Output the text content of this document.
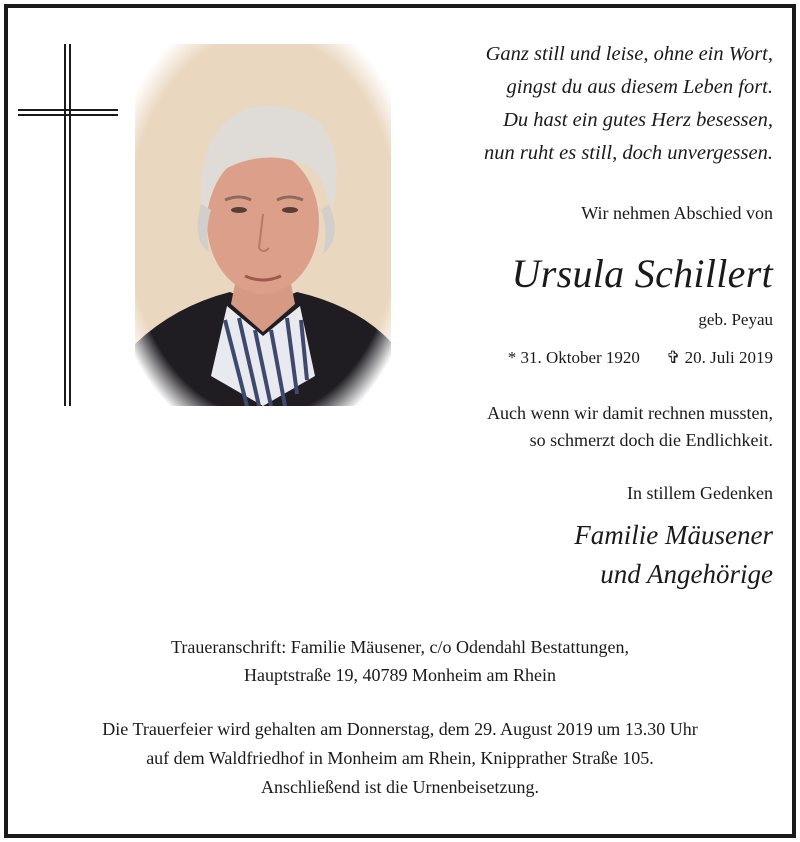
Ganz still und leise, ohne ein Wort,
gingst du aus diesem Leben fort.
Du hast ein gutes Herz besessen,
nun ruht es still, doch unvergessen.
Wir nehmen Abschied von
Ursula Schillert
geb. Peyau
* 31. Oktober 1920 ✞ 20. Juli 2019
Auch wenn wir damit rechnen mussten,
so schmerzt doch die Endlichkeit.
In stillem Gedenken
Familie Mäusener
und Angehörige
Traueranschrift: Familie Mäusener, c/o Odendahl Bestattungen,
Hauptstraße 19, 40789 Monheim am Rhein
Die Trauerfeier wird gehalten am Donnerstag, dem 29. August 2019 um 13.30 Uhr
auf dem Waldfriedhof in Monheim am Rhein, Knipprather Straße 105.
Anschließend ist die Urnenbeisetzung.
